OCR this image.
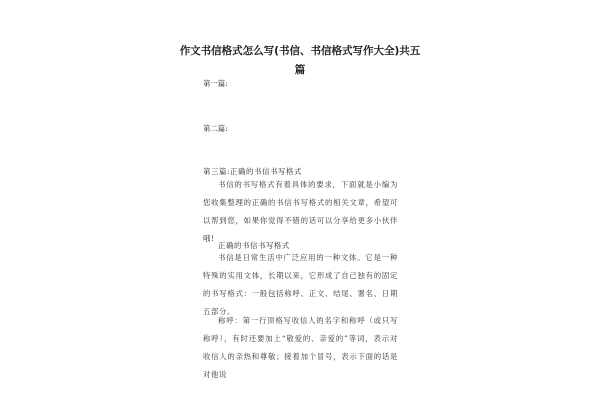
作文书信格式怎么写(书信、书信格式写作大全)共五篇
第一篇:
第二篇:
第三篇:正确的书信书写格式
书信的书写格式有着具体的要求，下面就是小编为您收集整理的正确的书信书写格式的相关文章，希望可以帮到您，如果你觉得不错的话可以分享给更多小伙伴哦!
正确的书信书写格式
书信是日常生活中广泛应用的一种文体。它是一种特殊的实用文体，长期以来，它形成了自己独有的固定的书写格式：一般包括称呼、正文、结尾、署名、日期五部分。
称呼：第一行顶格写收信人的名字和称呼（或只写称呼），有时还要加上“敬爱的、亲爱的”等词，表示对收信人的亲热和尊敬；接着加个冒号，表示下面的话是对他说
